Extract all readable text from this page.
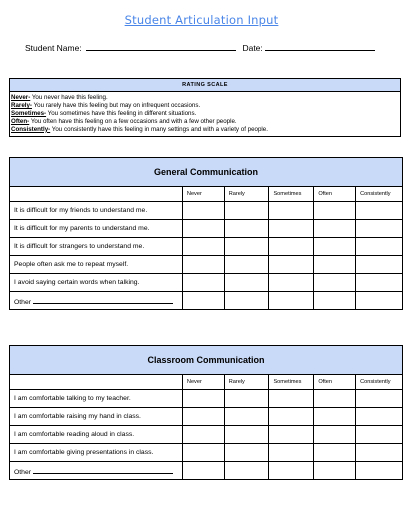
Student Articulation Input
Student Name:	Date:
RATING SCALE
Never- You never have this feeling.
Rarely- You rarely have this feeling but may on infrequent occasions.
Sometimes- You sometimes have this feeling in different situations.
Often- You often have this feeling on a few occasions and with a few other people.
Consistently- You consistently have this feeling in many settings and with a variety of people.
General Communication					
	Never	Rarely	Sometimes	Often	Consistently
It is difficult for my friends to understand me.					
It is difficult for my parents to understand me.					
It is difficult for strangers to understand me.					
People often ask me to repeat myself.					
I avoid saying certain words when talking.					
Other					
Classroom Communication					
	Never	Rarely	Sometimes	Often	Consistently
I am comfortable talking to my teacher.					
I am comfortable raising my hand in class.					
I am comfortable reading aloud in class.					
I am comfortable giving presentations in class.					
Other					
